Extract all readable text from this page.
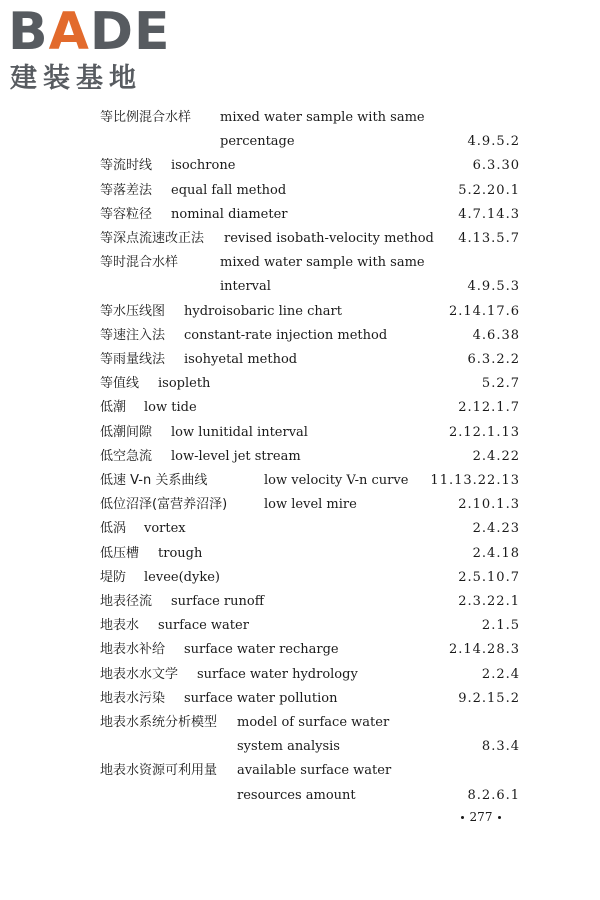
BADE
建装基地
等比例混合水样 mixed water sample with same
percentage	4.9.5.2
等流时线 isochrone	6.3.30
等落差法 equal fall method	5.2.20.1
等容粒径 nominal diameter	4.7.14.3
等深点流速改正法 revised isobath-velocity method 4.13.5.7
等时混合水样	mixed water sample with same
interval	4.9.5.3
等水压线图 hydroisobaric line chart	2.14.17.6
等速注入法 constant-rate injection method	4.6.38
等雨量线法 isohyetal method	6.3.2.2
等值线 isopleth	5.2.7
低潮 low tide	2.12.1.7
低潮间隙 low lunitidal interval	2.12.1.13
低空急流 low-level jet stream	2.4.22
低速 V-n 关系曲线	low velocity V-n curve 11.13.22.13
低位沼泽(富营养沼泽)	low level mire	2.10.1.3
低涡 vortex	2.4.23
低压槽 trough	2.4.18
堤防 levee(dyke)	2.5.10.7
地表径流 surface runoff	2.3.22.1
地表水 surface water	2.1.5
地表水补给 surface water recharge	2.14.28.3
地表水水文学 surface water hydrology	2.2.4
地表水污染 surface water pollution	9.2.15.2
地表水系统分析模型 model of surface water
system analysis	8.3.4
地表水资源可利用量 available surface water
resources amount	8.2.6.1
277
